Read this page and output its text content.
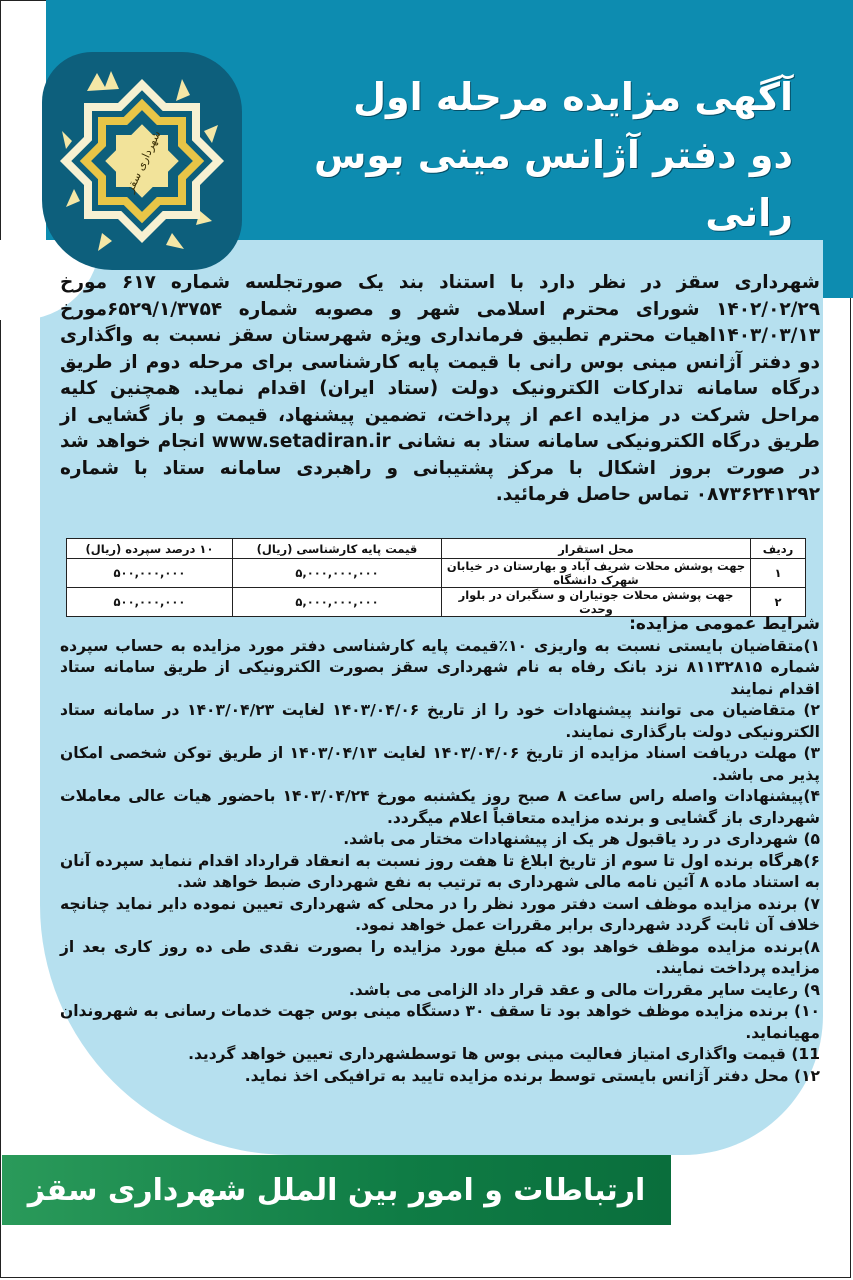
شهرداری سقز
آگهی مزایده مرحله اول
دو دفتر آژانس مینی بوس رانی
شهرداری سقز در نظر دارد با استناد بند یک صورتجلسه شماره ۶۱۷ مورخ ۱۴۰۲/۰۲/۲۹ شورای محترم اسلامی شهر و مصوبه شماره ۶۵۲۹/۱/۳۷۵۴مورخ ۱۴۰۳/۰۳/۱۳اهیات محترم تطبیق فرمانداری ویژه شهرستان سقز نسبت به واگذاری دو دفتر آژانس مینی بوس رانی با قیمت پایه کارشناسی برای مرحله دوم از طریق درگاه سامانه تدارکات الکترونیک دولت (ستاد ایران) اقدام نماید. همچنین کلیه مراحل شرکت در مزایده اعم از پرداخت، تضمین پیشنهاد، قیمت و باز گشایی از طریق درگاه الکترونیکی سامانه ستاد به نشانی www.setadiran.ir انجام خواهد شد در صورت بروز اشکال با مرکز پشتیبانی و راهبردی سامانه ستاد با شماره ۰۸۷۳۶۲۴۱۲۹۲ تماس حاصل فرمائید.
ردیف	محل استقرار	قیمت پایه کارشناسی (ریال)	۱۰ درصد سپرده (ریال)
۱	جهت پوشش محلات شریف آباد و بهارستان در خیابان شهرک دانشگاه	۵,۰۰۰,۰۰۰,۰۰۰	۵۰۰,۰۰۰,۰۰۰
۲	جهت پوشش محلات جوتیاران و سنگبران در بلوار وحدت	۵,۰۰۰,۰۰۰,۰۰۰	۵۰۰,۰۰۰,۰۰۰

شرایط عمومی مزایده:

۱)متقاضیان بایستی نسبت به واریزی ۱۰٪قیمت پایه کارشناسی دفتر مورد مزایده به حساب سپرده شماره ۸۱۱۳۲۸۱۵ نزد بانک رفاه به نام شهرداری سقز بصورت الکترونیکی از طریق سامانه ستاد اقدام نمایند

۲) متقاضیان می توانند پیشنهادات خود را از تاریخ ۱۴۰۳/۰۴/۰۶ لغایت ۱۴۰۳/۰۴/۲۳ در سامانه ستاد الکترونیکی دولت بارگذاری نمایند.

۳) مهلت دریافت اسناد مزایده از تاریخ ۱۴۰۳/۰۴/۰۶ لغایت ۱۴۰۳/۰۴/۱۳ از طریق توکن شخصی امکان پذیر می باشد.

۴)پیشنهادات واصله راس ساعت ۸ صبح روز یکشنبه مورخ ۱۴۰۳/۰۴/۲۴ باحضور هیات عالی معاملات شهرداری باز گشایی و برنده مزایده متعاقباً اعلام میگردد.

۵) شهرداری در رد یاقبول هر یک از پیشنهادات مختار می باشد.

۶)هرگاه برنده اول تا سوم از تاریخ ابلاغ تا هفت روز نسبت به انعقاد قرارداد اقدام ننماید سپرده آنان به استناد ماده ۸ آئین نامه مالی شهرداری به ترتیب به نفع شهرداری ضبط خواهد شد.

۷) برنده مزایده موظف است دفتر مورد نظر را در محلی که شهرداری تعیین نموده دایر نماید چنانچه خلاف آن ثابت گردد شهرداری برابر مقررات عمل خواهد نمود.

۸)برنده مزایده موظف خواهد بود که مبلغ مورد مزایده را بصورت نقدی طی ده روز کاری بعد از مزایده پرداخت نمایند.

۹) رعایت سایر مقررات مالی و عقد قرار داد الزامی می باشد.

۱۰) برنده مزایده موظف خواهد بود تا سقف ۳۰ دستگاه مینی بوس جهت خدمات رسانی به شهروندان مهیانماید.

11) قیمت واگذاری امتیاز فعالیت مینی بوس ها توسطشهرداری تعیین خواهد گردید.

۱۲) محل دفتر آژانس بایستی توسط برنده مزایده تایید به ترافیکی اخذ نماید.

ارتباطات و امور بین الملل شهرداری سقز
